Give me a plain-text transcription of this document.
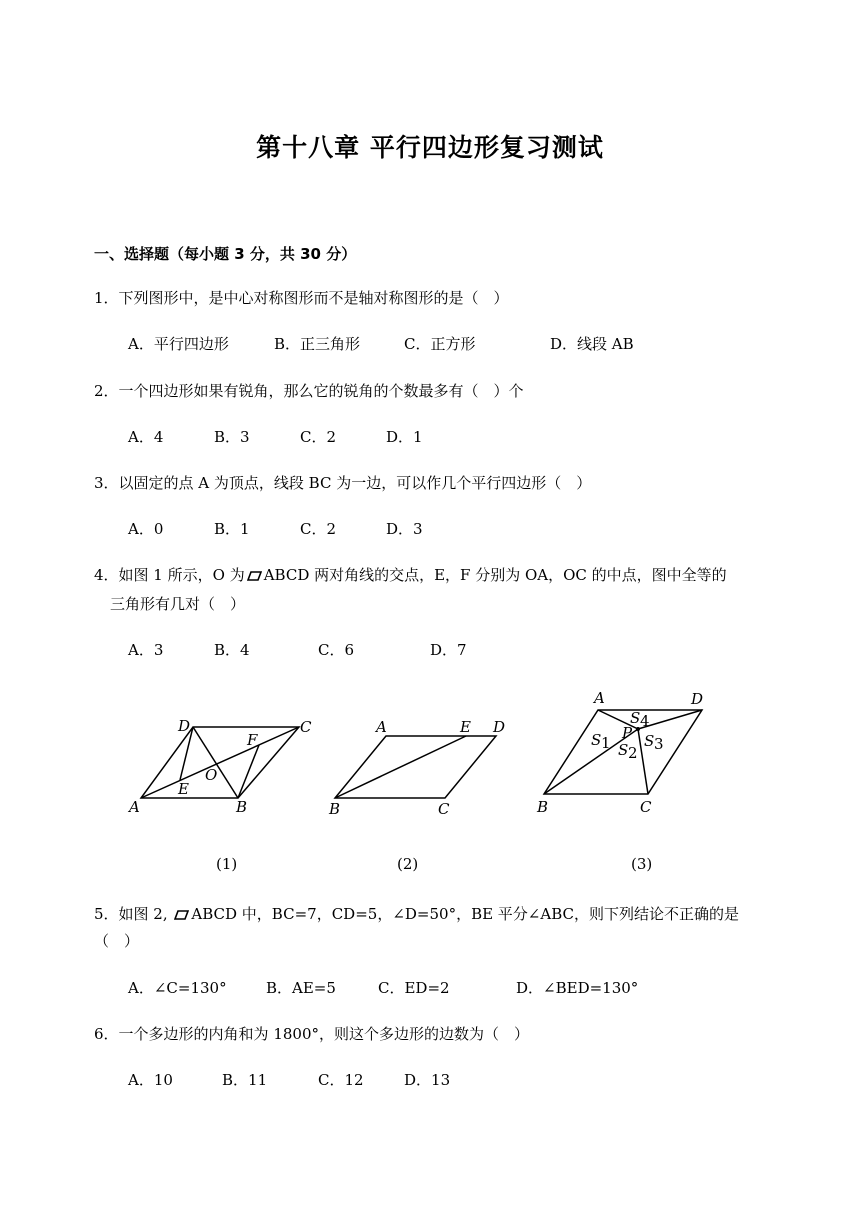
第十八章 平行四边形复习测试
一、选择题（每小题 3 分，共 30 分）
1．下列图形中，是中心对称图形而不是轴对称图形的是（　）
A．平行四边形	B．正三角形	C．正方形	D．线段 AB
2．一个四边形如果有锐角，那么它的锐角的个数最多有（　）个
A．4	B．3	C．2	D．1
3．以固定的点 A 为顶点，线段 BC 为一边，可以作几个平行四边形（　）
A．0	B．1	C．2	D．3
4．如图 1 所示，O 为 ABCD 两对角线的交点，E，F 分别为 OA，OC 的中点，图中全等的
三角形有几对（　）
A．3	B．4	C．6	D．7
D	C
F
O
E
A	B
A	E D
B	C
A	D
S 4
S 1
P S 3
S 2
B	C
(1)	(2)	(3)
5．如图 2, ABCD 中，BC=7，CD=5，∠D=50°，BE 平分∠ABC，则下列结论不正确的是
（　）
A．∠C=130°	B．AE=5	C．ED=2	D．∠BED=130°
6．一个多边形的内角和为 1800°，则这个多边形的边数为（　）
A．10	B．11	C．12	D．13
